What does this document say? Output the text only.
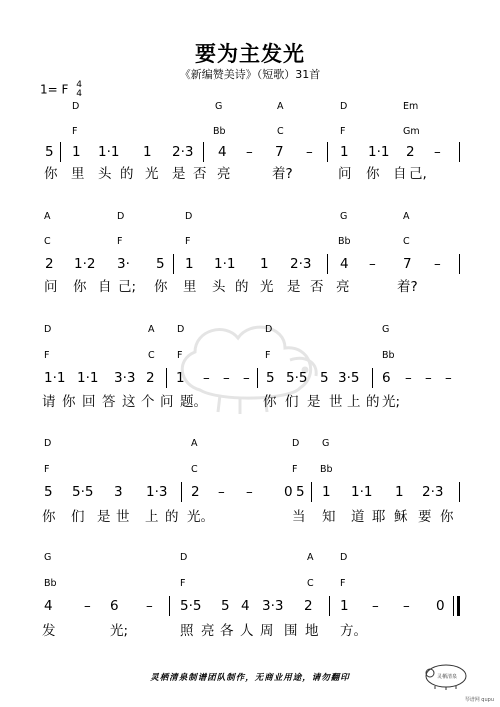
要为主发光
《新编赞美诗》（短歌）31首
1= F 4
4
D	G	A	D	Em
F	Bb	C	F	Gm
5 1 1·1 1 2·3 4 – 7 – 1 1·1 2 –
你 里 头 的 光 是 否 亮	着?	问 你 自 己,
A	D	D	G	A
C	F	F	Bb	C
2 1·2 3· 5 1 1·1 1 2·3 4 – 7 –
问 你 自 己; 你 里 头 的 光 是 否 亮	着?
D	A D	D	G
F	C F	F	Bb
1·1 1·1 3·3 2 1 – – – 5 5·5 5 3·5 6 – – –
请 你 回 答 这 个 问 题。	你 们 是 世 上 的 光;
D	A	D G
F	C	F Bb
5 5·5 3 1·3 2 – – 0 5 1 1·1 1 2·3
你 们 是 世 上 的 光。	当 知 道 耶 稣 要 你
G	D	A	D
Bb	F	C	F
4 – 6 – 5·5 5 4 3·3 2 1 – – 0
发	光;	照 亮 各 人 周 围 地 方。
灵栖清泉制谱团队制作，无商业用途，请勿翻印	灵栖清泉
琴谱网 qupu
